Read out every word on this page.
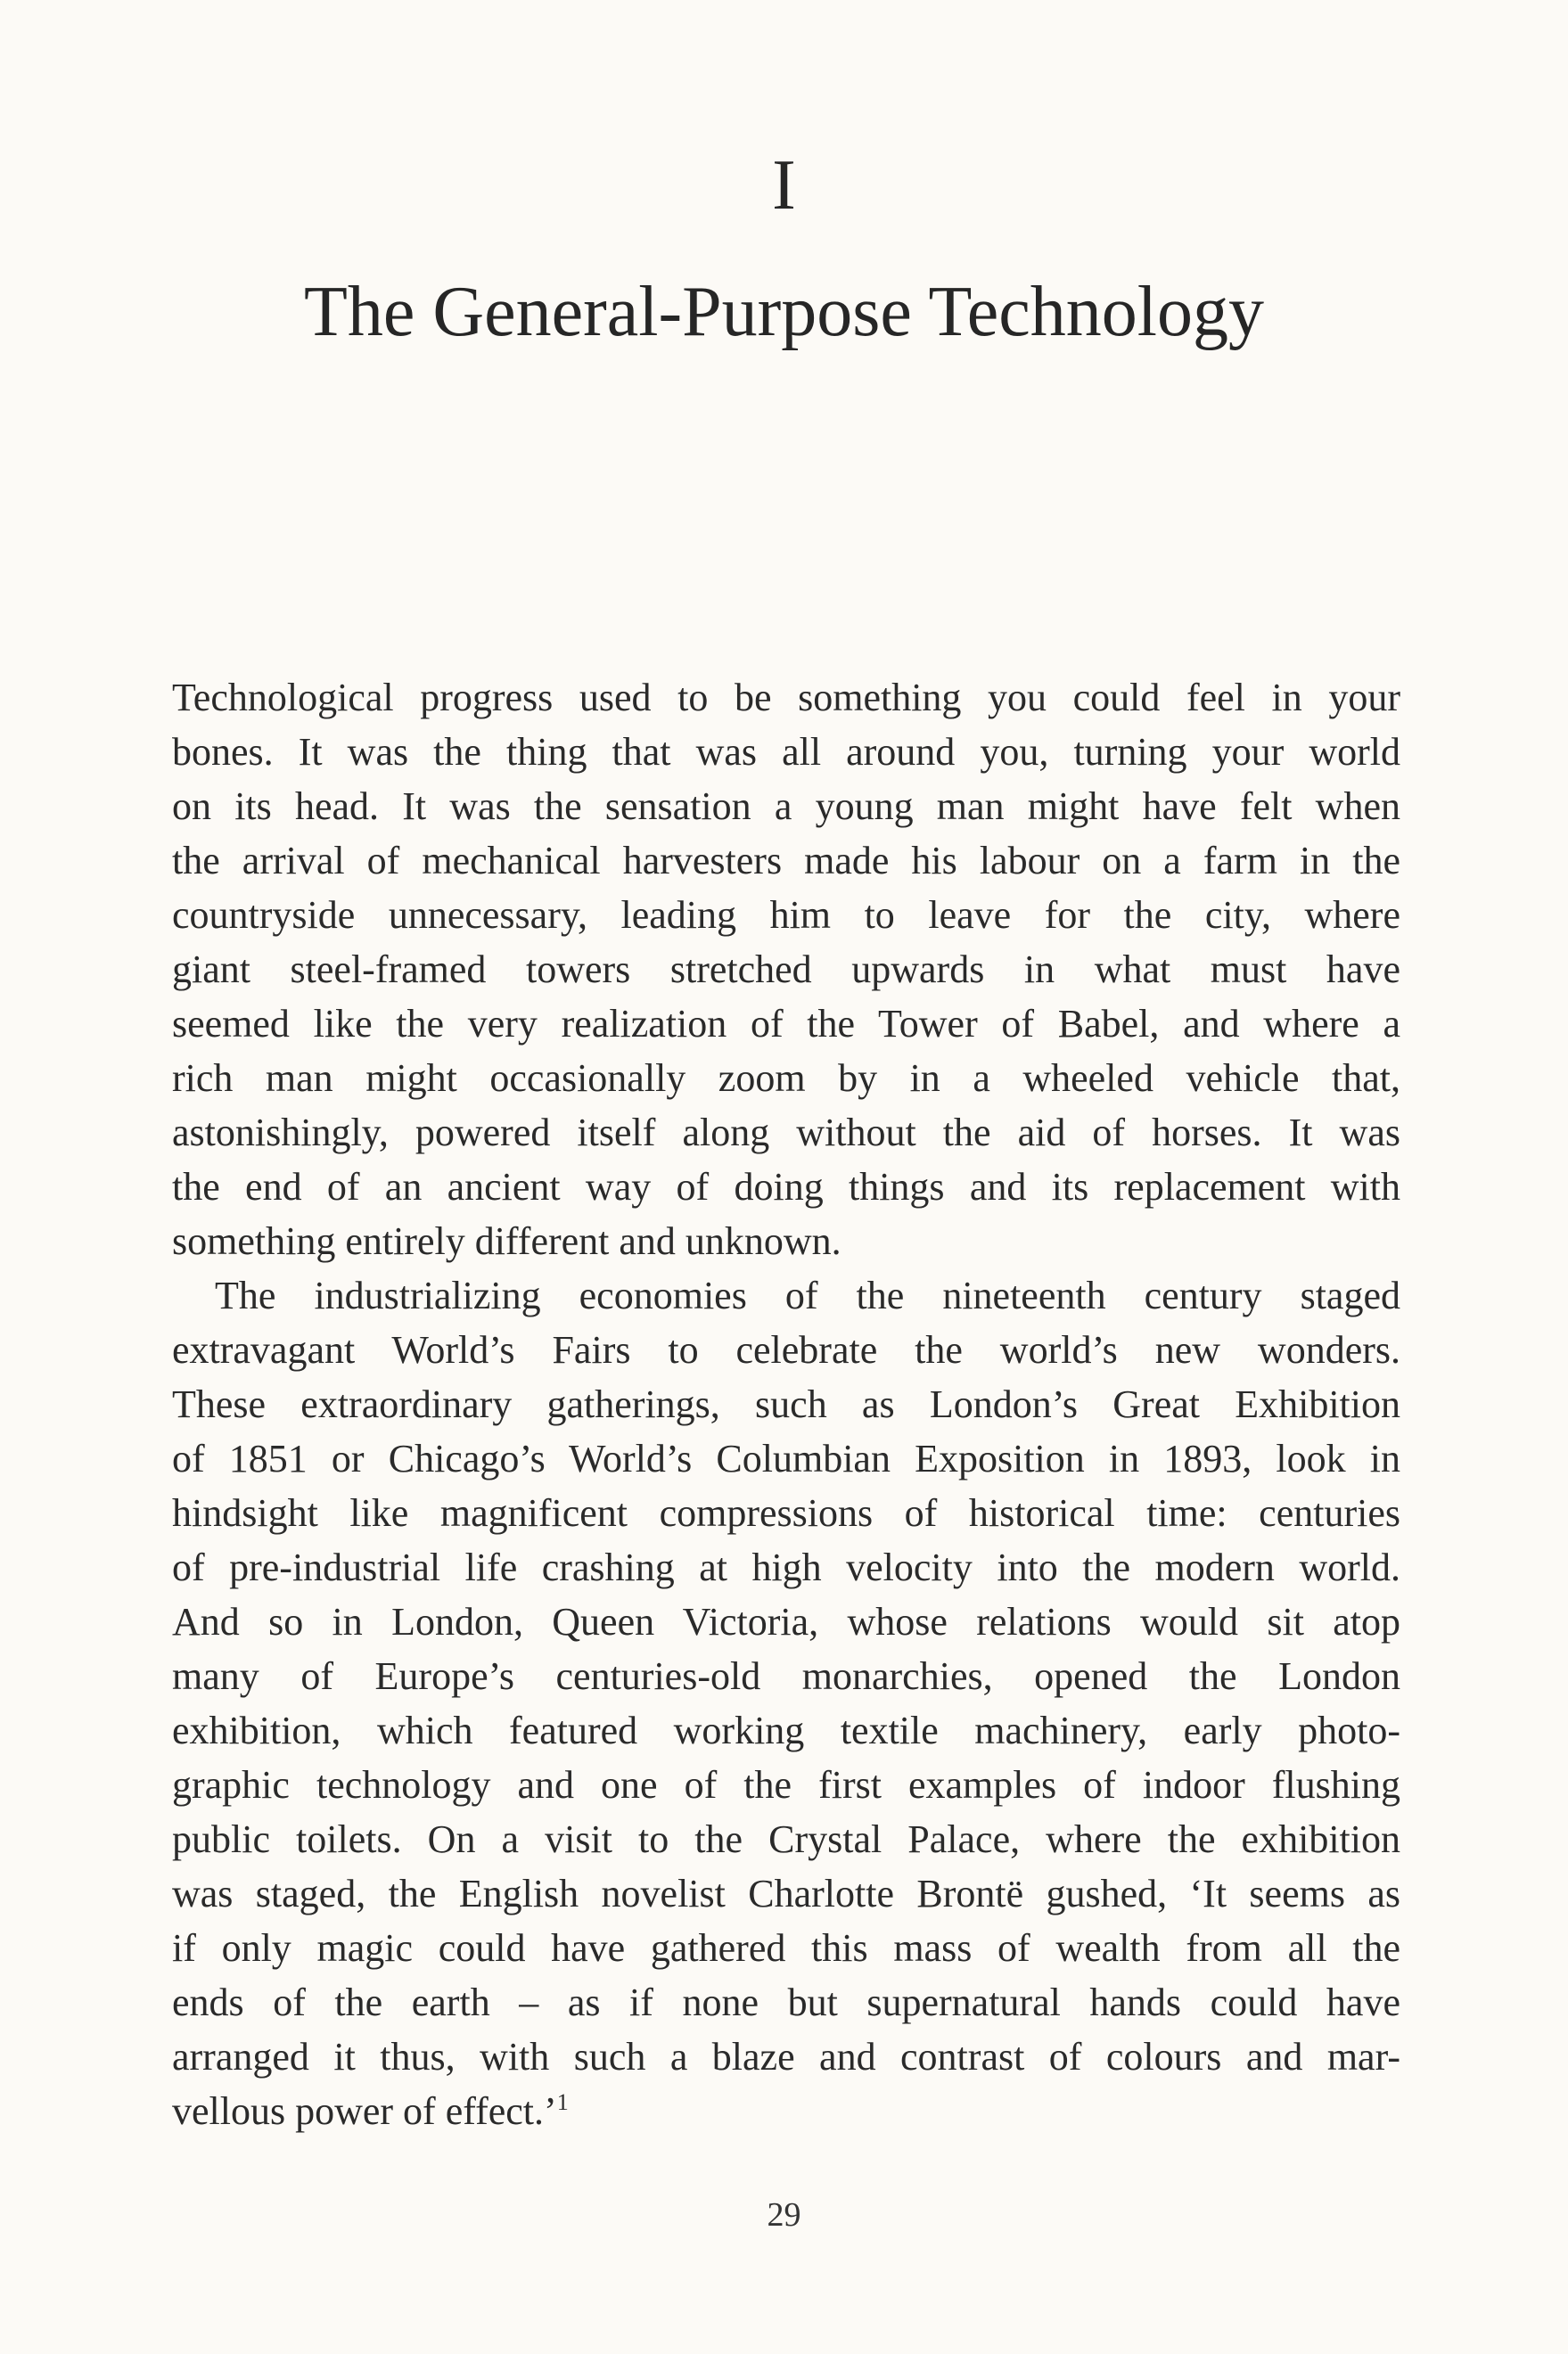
I
The General-Purpose Technology
Technological progress used to be something you could feel in your
bones. It was the thing that was all around you, turning your world
on its head. It was the sensation a young man might have felt when
the arrival of mechanical harvesters made his labour on a farm in the
countryside unnecessary, leading him to leave for the city, where
giant steel-framed towers stretched upwards in what must have
seemed like the very realization of the Tower of Babel, and where a
rich man might occasionally zoom by in a wheeled vehicle that,
astonishingly, powered itself along without the aid of horses. It was
the end of an ancient way of doing things and its replacement with
something entirely different and unknown.
The industrializing economies of the nineteenth century staged
extravagant World’s Fairs to celebrate the world’s new wonders.
These extraordinary gatherings, such as London’s Great Exhibition
of 1851 or Chicago’s World’s Columbian Exposition in 1893, look in
hindsight like magnificent compressions of historical time: centuries
of pre-industrial life crashing at high velocity into the modern world.
And so in London, Queen Victoria, whose relations would sit atop
many of Europe’s centuries-old monarchies, opened the London
exhibition, which featured working textile machinery, early photo-
graphic technology and one of the first examples of indoor flushing
public toilets. On a visit to the Crystal Palace, where the exhibition
was staged, the English novelist Charlotte Brontë gushed, ‘It seems as
if only magic could have gathered this mass of wealth from all the
ends of the earth – as if none but supernatural hands could have
arranged it thus, with such a blaze and contrast of colours and mar-
vellous power of effect.’$^1$
29
